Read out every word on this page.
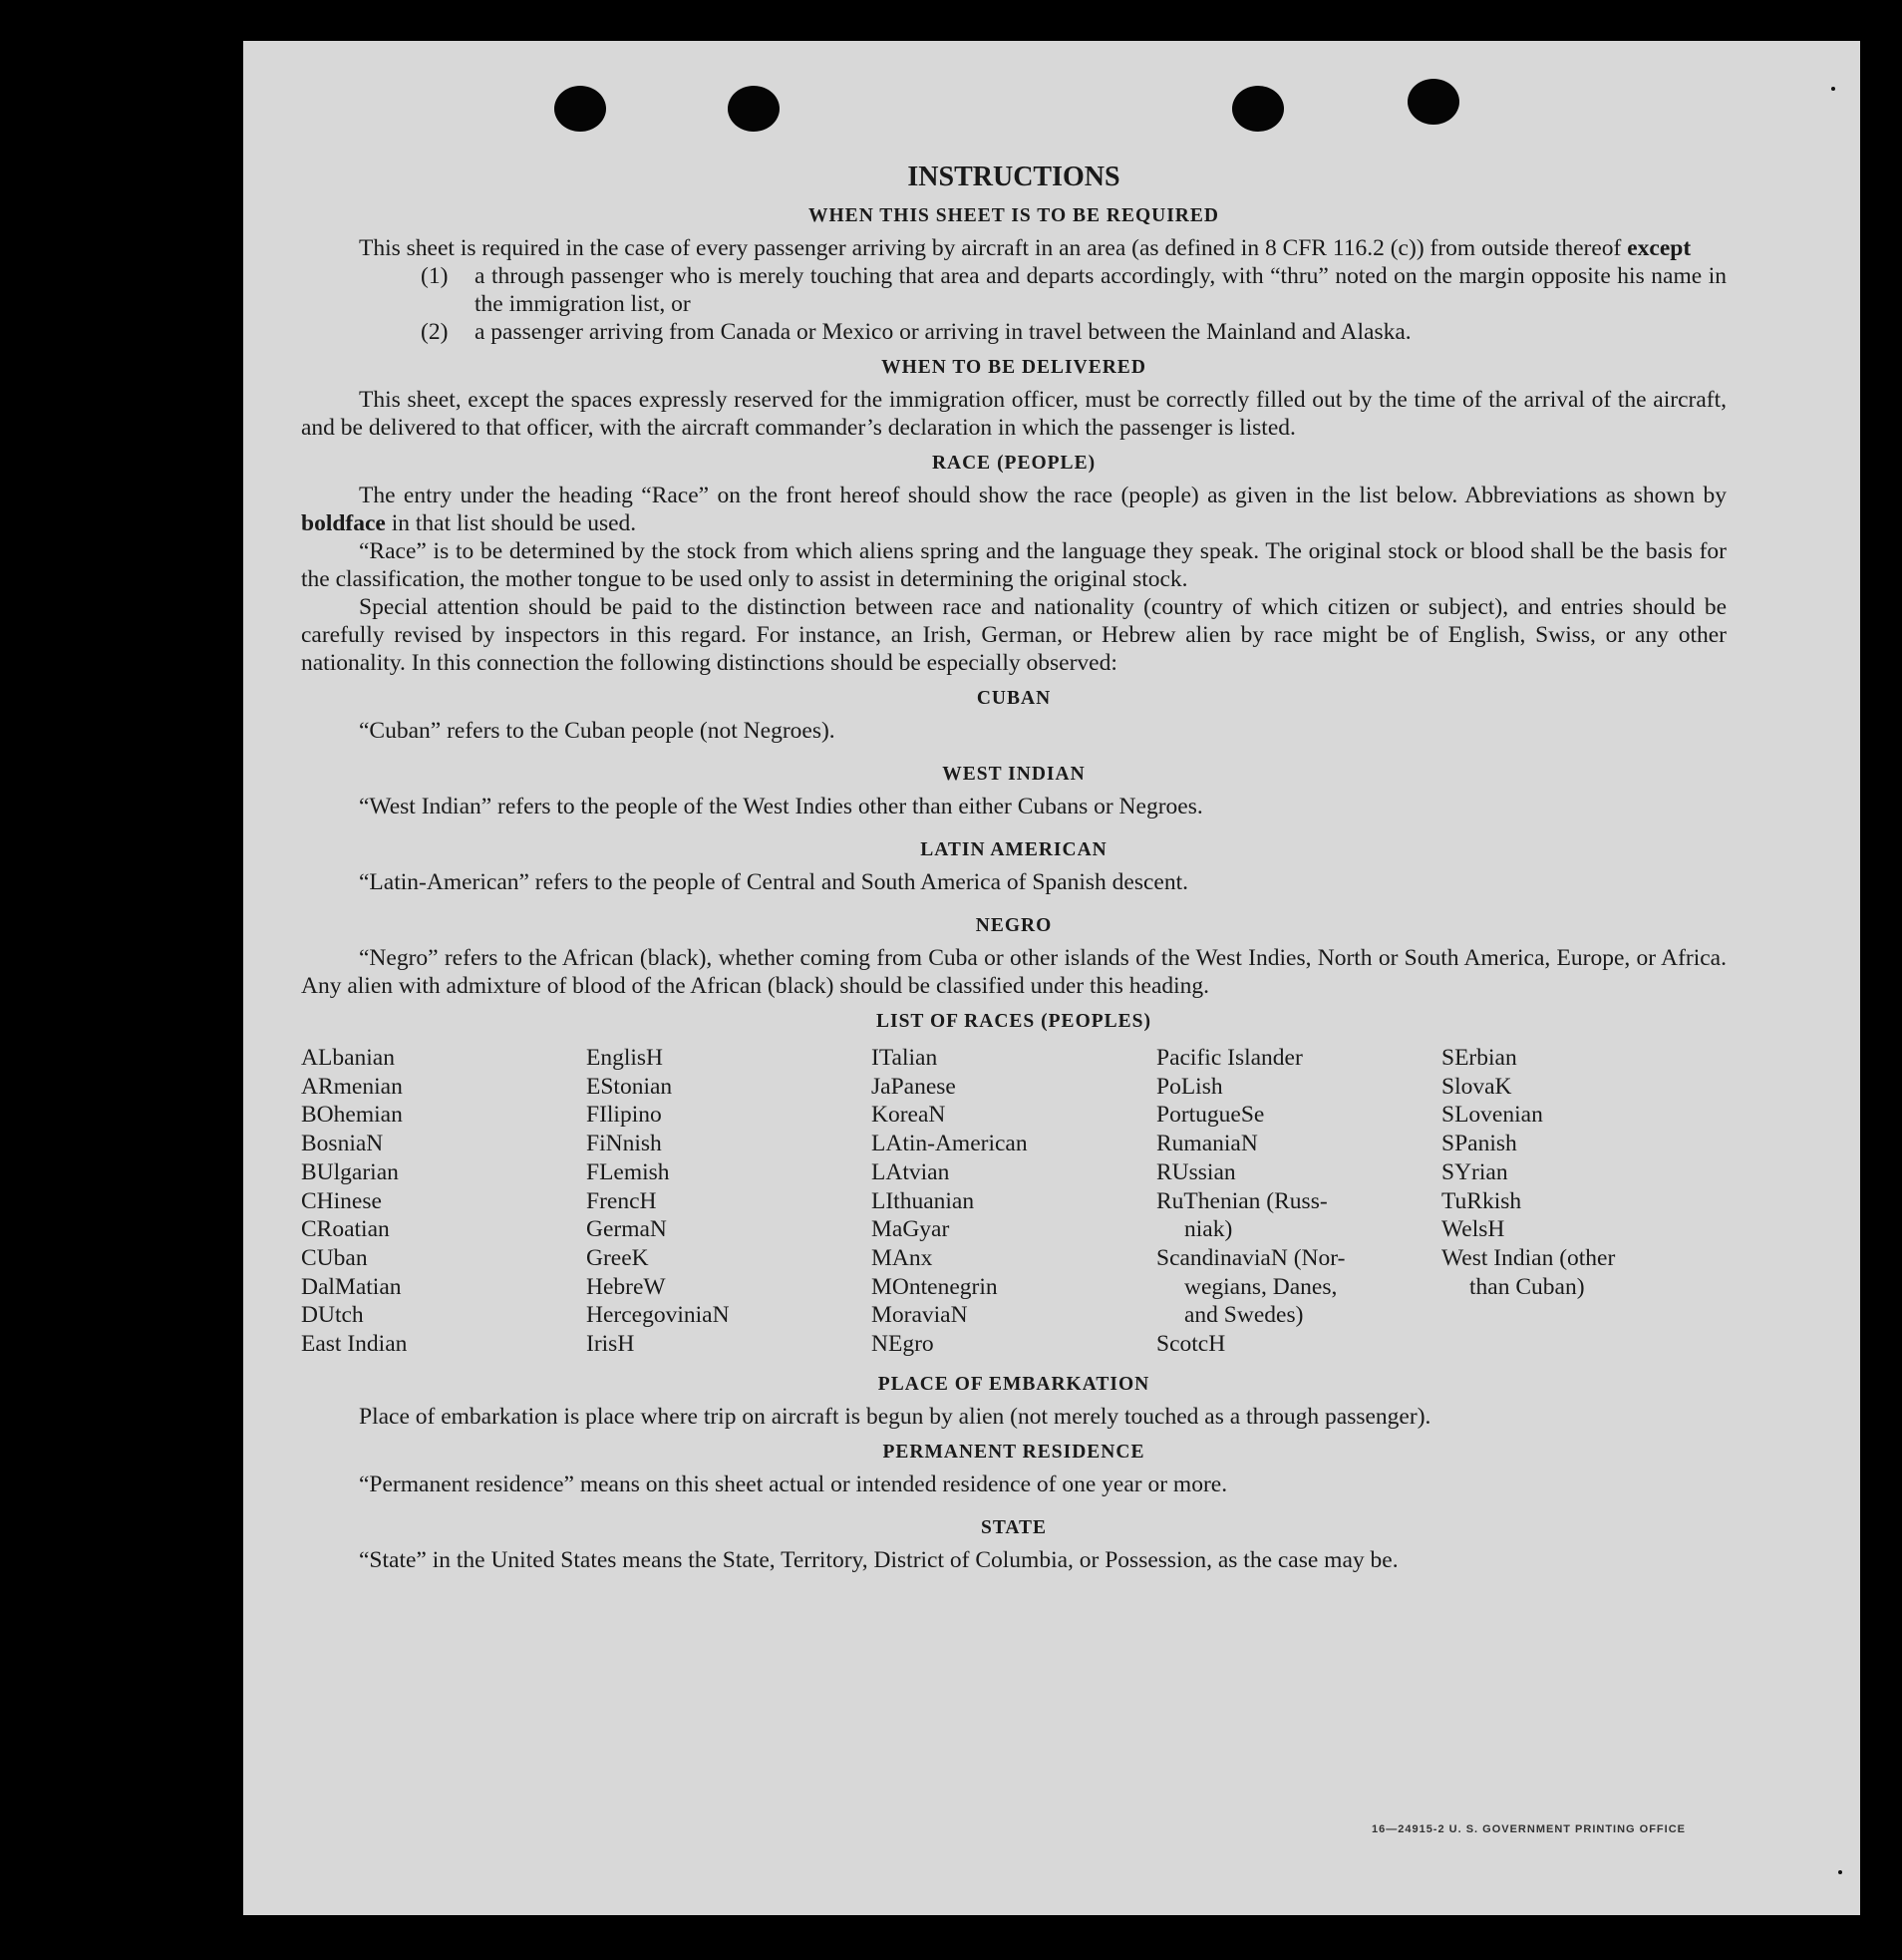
INSTRUCTIONS
WHEN THIS SHEET IS TO BE REQUIRED

This sheet is required in the case of every passenger arriving by aircraft in an area (as defined in 8 CFR 116.2 (c)) from outside thereof except

(1)	a through passenger who is merely touching that area and departs accordingly, with “thru” noted on the margin opposite his name in the immigration list, or
(2)	a passenger arriving from Canada or Mexico or arriving in travel between the Mainland and Alaska.
WHEN TO BE DELIVERED

This sheet, except the spaces expressly reserved for the immigration officer, must be correctly filled out by the time of the arrival of the aircraft, and be delivered to that officer, with the aircraft commander’s declaration in which the passenger is listed.

RACE (PEOPLE)

The entry under the heading “Race” on the front hereof should show the race (people) as given in the list below. Abbreviations as shown by boldface in that list should be used.

“Race” is to be determined by the stock from which aliens spring and the language they speak. The original stock or blood shall be the basis for the classification, the mother tongue to be used only to assist in determining the original stock.

Special attention should be paid to the distinction between race and nationality (country of which citizen or subject), and entries should be carefully revised by inspectors in this regard. For instance, an Irish, German, or Hebrew alien by race might be of English, Swiss, or any other nationality. In this connection the following distinctions should be especially observed:

CUBAN

“Cuban” refers to the Cuban people (not Negroes).

WEST INDIAN

“West Indian” refers to the people of the West Indies other than either Cubans or Negroes.

LATIN AMERICAN

“Latin-American” refers to the people of Central and South America of Spanish descent.

NEGRO

“Negro” refers to the African (black), whether coming from Cuba or other islands of the West Indies, North or South America, Europe, or Africa. Any alien with admixture of blood of the African (black) should be classified under this heading.

LIST OF RACES (PEOPLES)
ALbanian
ARmenian
BOhemian
BosniaN
BUlgarian
CHinese
CRoatian
CUban
DalMatian
DUtch
East Indian
EnglisH
EStonian
FIlipino
FiNnish
FLemish
FrencH
GermaN
GreeK
HebreW
HercegoviniaN
IrisH
ITalian
JaPanese
KoreaN
LAtin-American
LAtvian
LIthuanian
MaGyar
MAnx
MOntenegrin
MoraviaN
NEgro
Pacific Islander
PoLish
PortugueSe
RumaniaN
RUssian
RuThenian (Russ-
niak)
ScandinaviaN (Nor-
wegians, Danes,
and Swedes)
ScotcH
SErbian
SlovaK
SLovenian
SPanish
SYrian
TuRkish
WelsH
West Indian (other
than Cuban)
PLACE OF EMBARKATION

Place of embarkation is place where trip on aircraft is begun by alien (not merely touched as a through passenger).

PERMANENT RESIDENCE

“Permanent residence” means on this sheet actual or intended residence of one year or more.

STATE

“State” in the United States means the State, Territory, District of Columbia, or Possession, as the case may be.

16—24915-2 U. S. GOVERNMENT PRINTING OFFICE
